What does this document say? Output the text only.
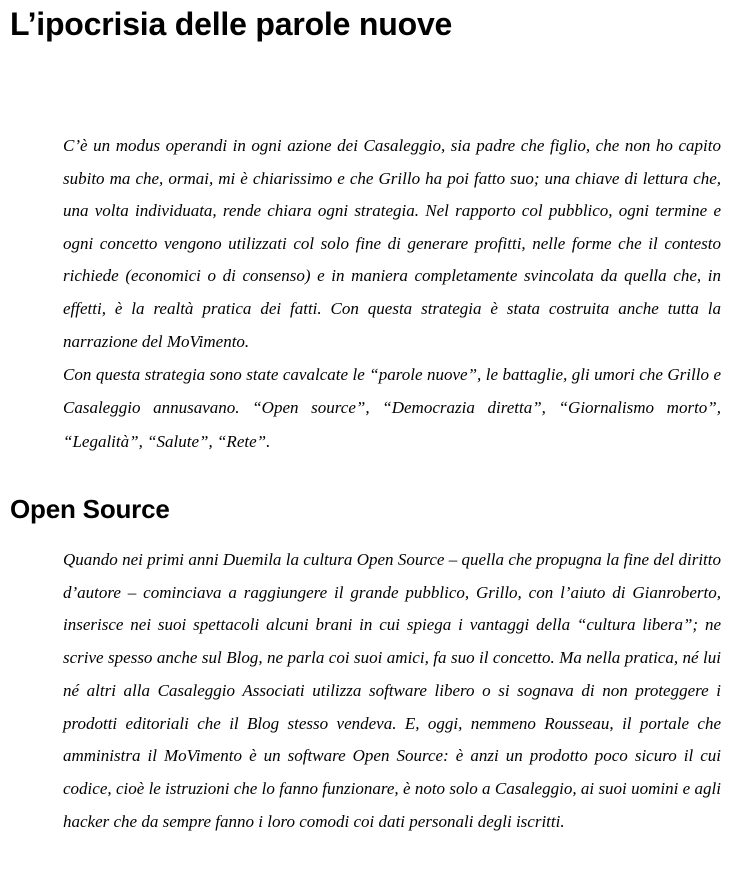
L’ipocrisia delle parole nuove

C’è un modus operandi in ogni azione dei Casaleggio, sia padre che figlio, che non ho capito subito ma che, ormai, mi è chiarissimo e che Grillo ha poi fatto suo; una chiave di lettura che, una volta individuata, rende chiara ogni strategia. Nel rapporto col pubblico, ogni termine e ogni concetto vengono utilizzati col solo fine di generare profitti, nelle forme che il contesto richiede (economici o di consenso) e in maniera completamente svincolata da quella che, in effetti, è la realtà pratica dei fatti. Con questa strategia è stata costruita anche tutta la narrazione del MoVimento.

Con questa strategia sono state cavalcate le “parole nuove”, le battaglie, gli umori che Grillo e Casaleggio annusavano. “Open source”, “Democrazia diretta”, “Giornalismo morto”, “Legalità”, “Salute”, “Rete”.

Open Source

Quando nei primi anni Duemila la cultura Open Source – quella che propugna la fine del diritto d’autore – cominciava a raggiungere il grande pubblico, Grillo, con l’aiuto di Gianroberto, inserisce nei suoi spettacoli alcuni brani in cui spiega i vantaggi della “cultura libera”; ne scrive spesso anche sul Blog, ne parla coi suoi amici, fa suo il concetto. Ma nella pratica, né lui né altri alla Casaleggio Associati utilizza software libero o si sognava di non proteggere i prodotti editoriali che il Blog stesso vendeva. E, oggi, nemmeno Rousseau, il portale che amministra il MoVimento è un software Open Source: è anzi un prodotto poco sicuro il cui codice, cioè le istruzioni che lo fanno funzionare, è noto solo a Casaleggio, ai suoi uomini e agli hacker che da sempre fanno i loro comodi coi dati personali degli iscritti.
